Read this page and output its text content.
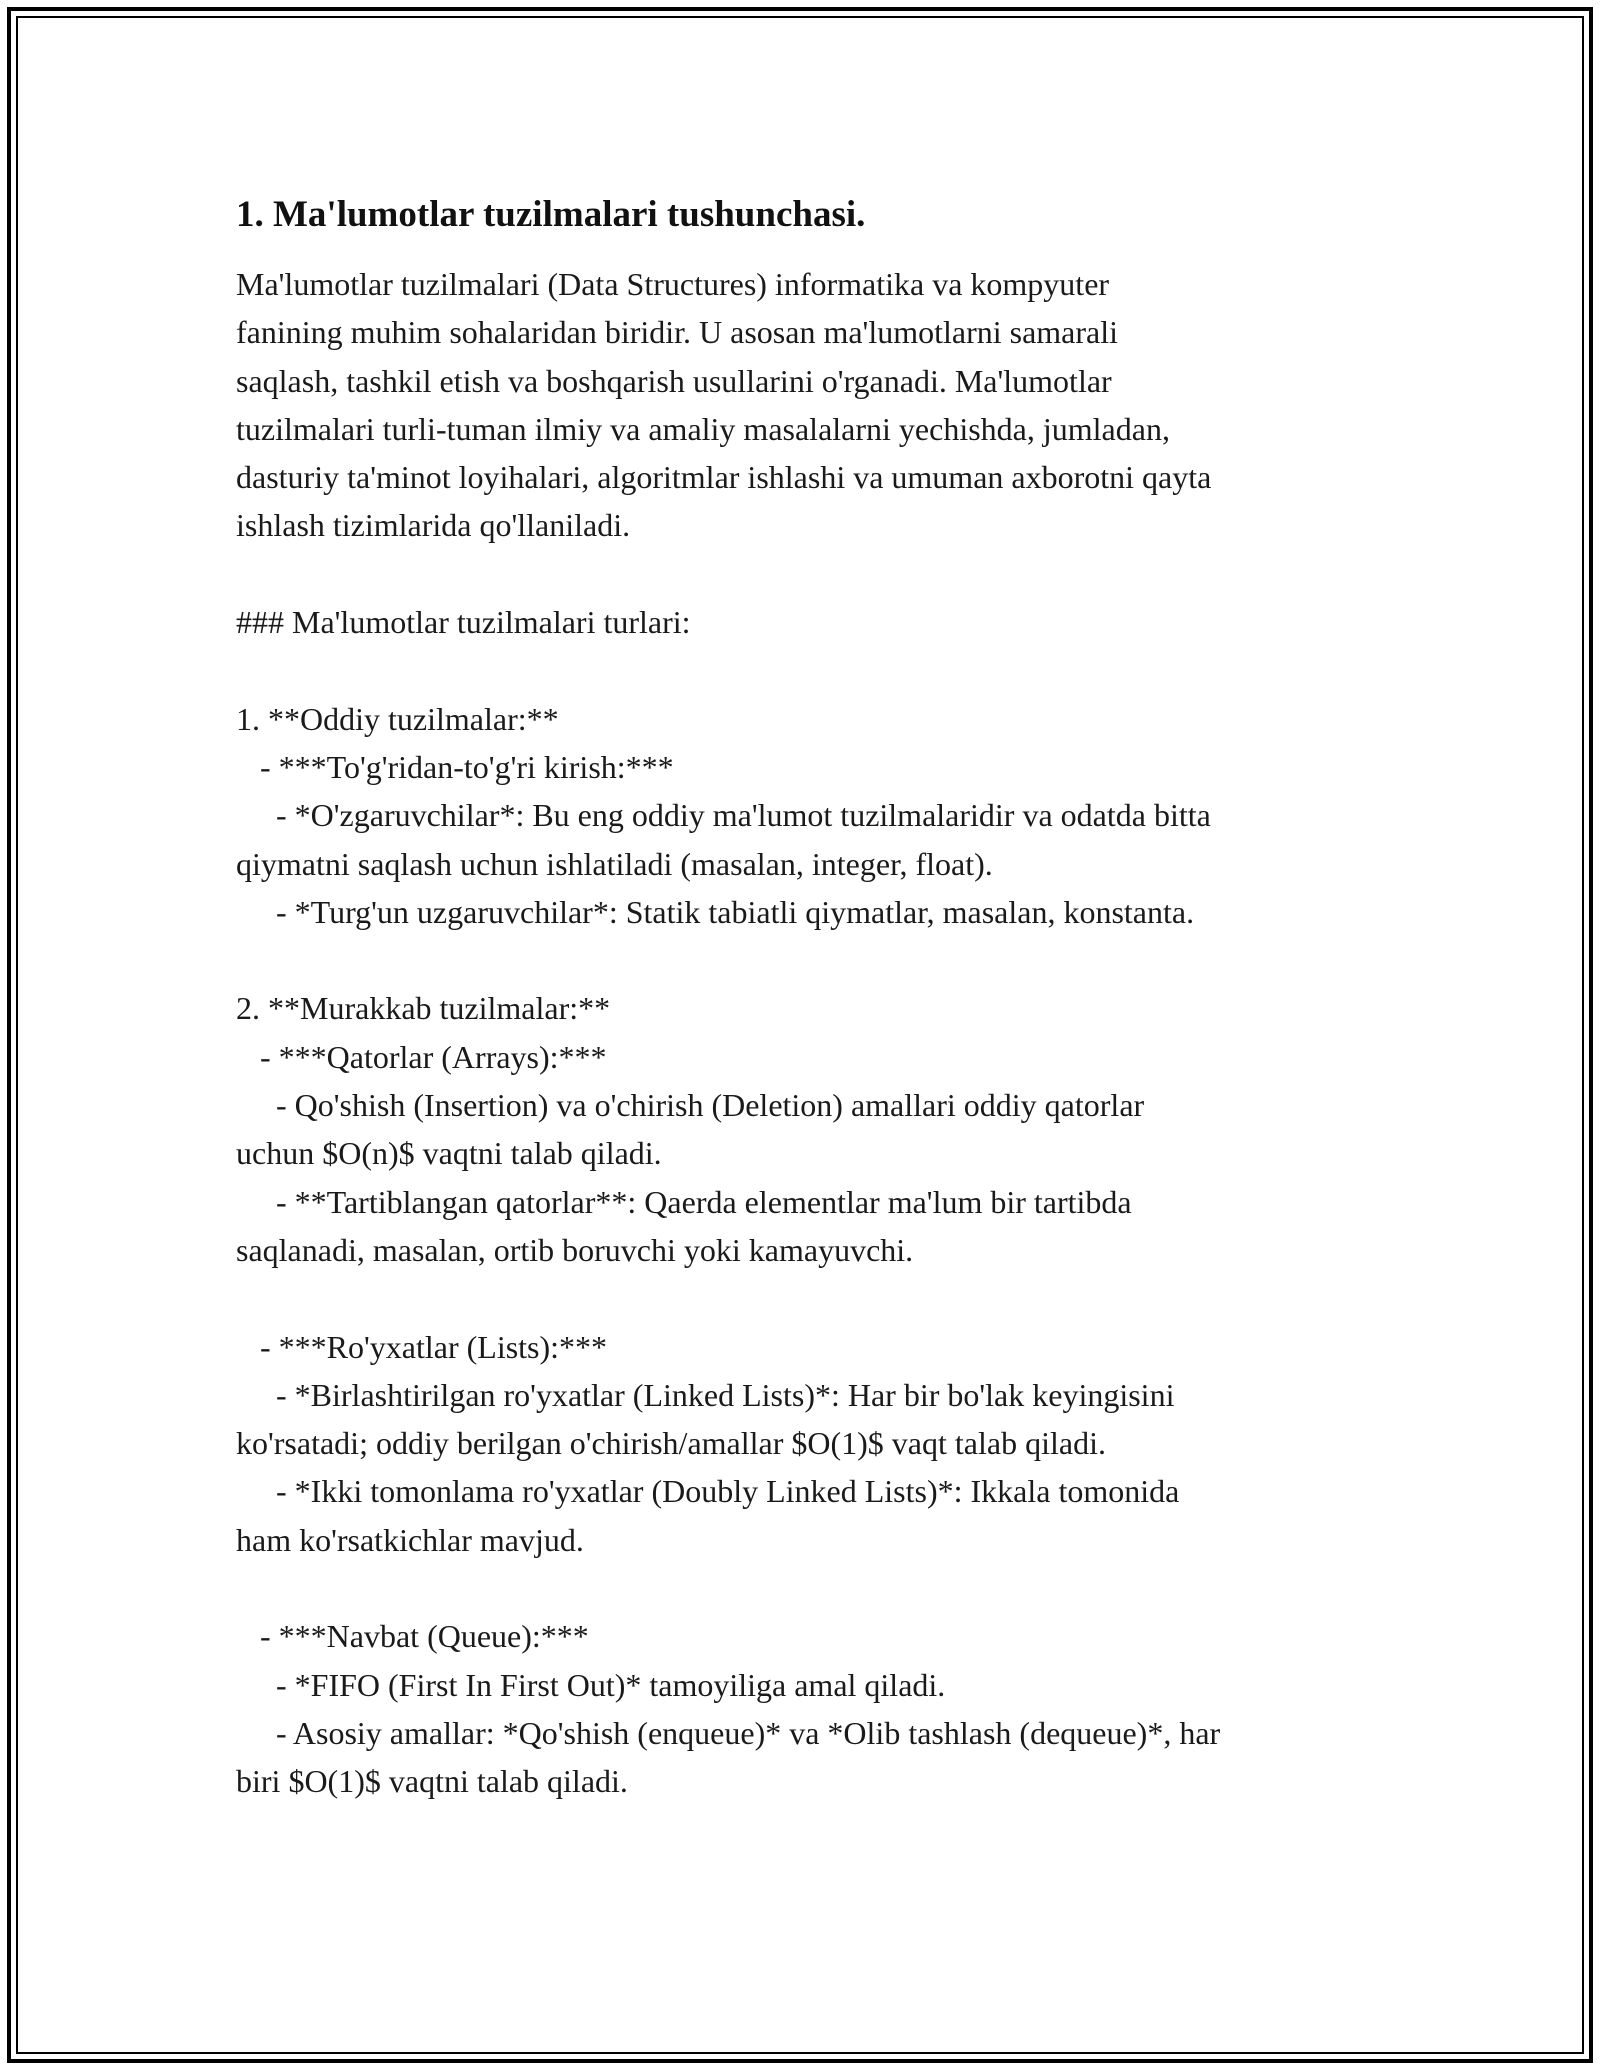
1. Ma'lumotlar tuzilmalari tushunchasi.
Ma'lumotlar tuzilmalari (Data Structures) informatika va kompyuter
fanining muhim sohalaridan biridir. U asosan ma'lumotlarni samarali
saqlash, tashkil etish va boshqarish usullarini o'rganadi. Ma'lumotlar
tuzilmalari turli-tuman ilmiy va amaliy masalalarni yechishda, jumladan,
dasturiy ta'minot loyihalari, algoritmlar ishlashi va umuman axborotni qayta
ishlash tizimlarida qo'llaniladi.
### Ma'lumotlar tuzilmalari turlari:
1. **Oddiy tuzilmalar:**
- ***To'g'ridan-to'g'ri kirish:***
- *O'zgaruvchilar*: Bu eng oddiy ma'lumot tuzilmalaridir va odatda bitta
qiymatni saqlash uchun ishlatiladi (masalan, integer, float).
- *Turg'un uzgaruvchilar*: Statik tabiatli qiymatlar, masalan, konstanta.
2. **Murakkab tuzilmalar:**
- ***Qatorlar (Arrays):***
- Qo'shish (Insertion) va o'chirish (Deletion) amallari oddiy qatorlar
uchun $O(n)$ vaqtni talab qiladi.
- **Tartiblangan qatorlar**: Qaerda elementlar ma'lum bir tartibda
saqlanadi, masalan, ortib boruvchi yoki kamayuvchi.
- ***Ro'yxatlar (Lists):***
- *Birlashtirilgan ro'yxatlar (Linked Lists)*: Har bir bo'lak keyingisini
ko'rsatadi; oddiy berilgan o'chirish/amallar $O(1)$ vaqt talab qiladi.
- *Ikki tomonlama ro'yxatlar (Doubly Linked Lists)*: Ikkala tomonida
ham ko'rsatkichlar mavjud.
- ***Navbat (Queue):***
- *FIFO (First In First Out)* tamoyiliga amal qiladi.
- Asosiy amallar: *Qo'shish (enqueue)* va *Olib tashlash (dequeue)*, har
biri $O(1)$ vaqtni talab qiladi.
